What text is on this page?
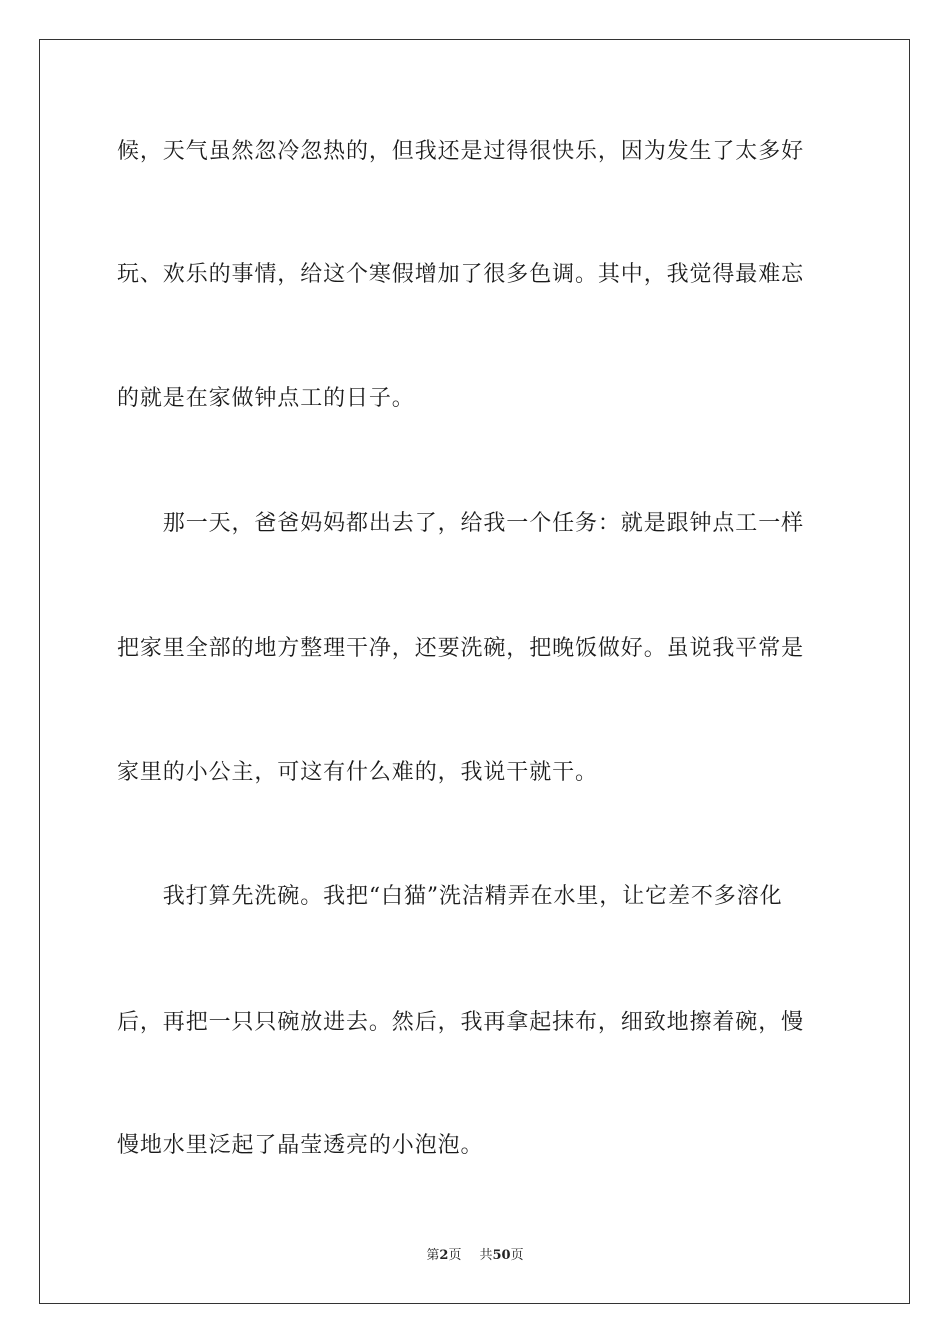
候，天气虽然忽冷忽热的，但我还是过得很快乐，因为发生了太多好
玩、欢乐的事情，给这个寒假增加了很多色调。其中，我觉得最难忘
的就是在家做钟点工的日子。
　　那一天，爸爸妈妈都出去了，给我一个任务：就是跟钟点工一样
把家里全部的地方整理干净，还要洗碗，把晚饭做好。虽说我平常是
家里的小公主，可这有什么难的，我说干就干。
　　我打算先洗碗。我把“白猫”洗洁精弄在水里，让它差不多溶化
后，再把一只只碗放进去。然后，我再拿起抹布，细致地擦着碗，慢
慢地水里泛起了晶莹透亮的小泡泡。
第2页 共50页
